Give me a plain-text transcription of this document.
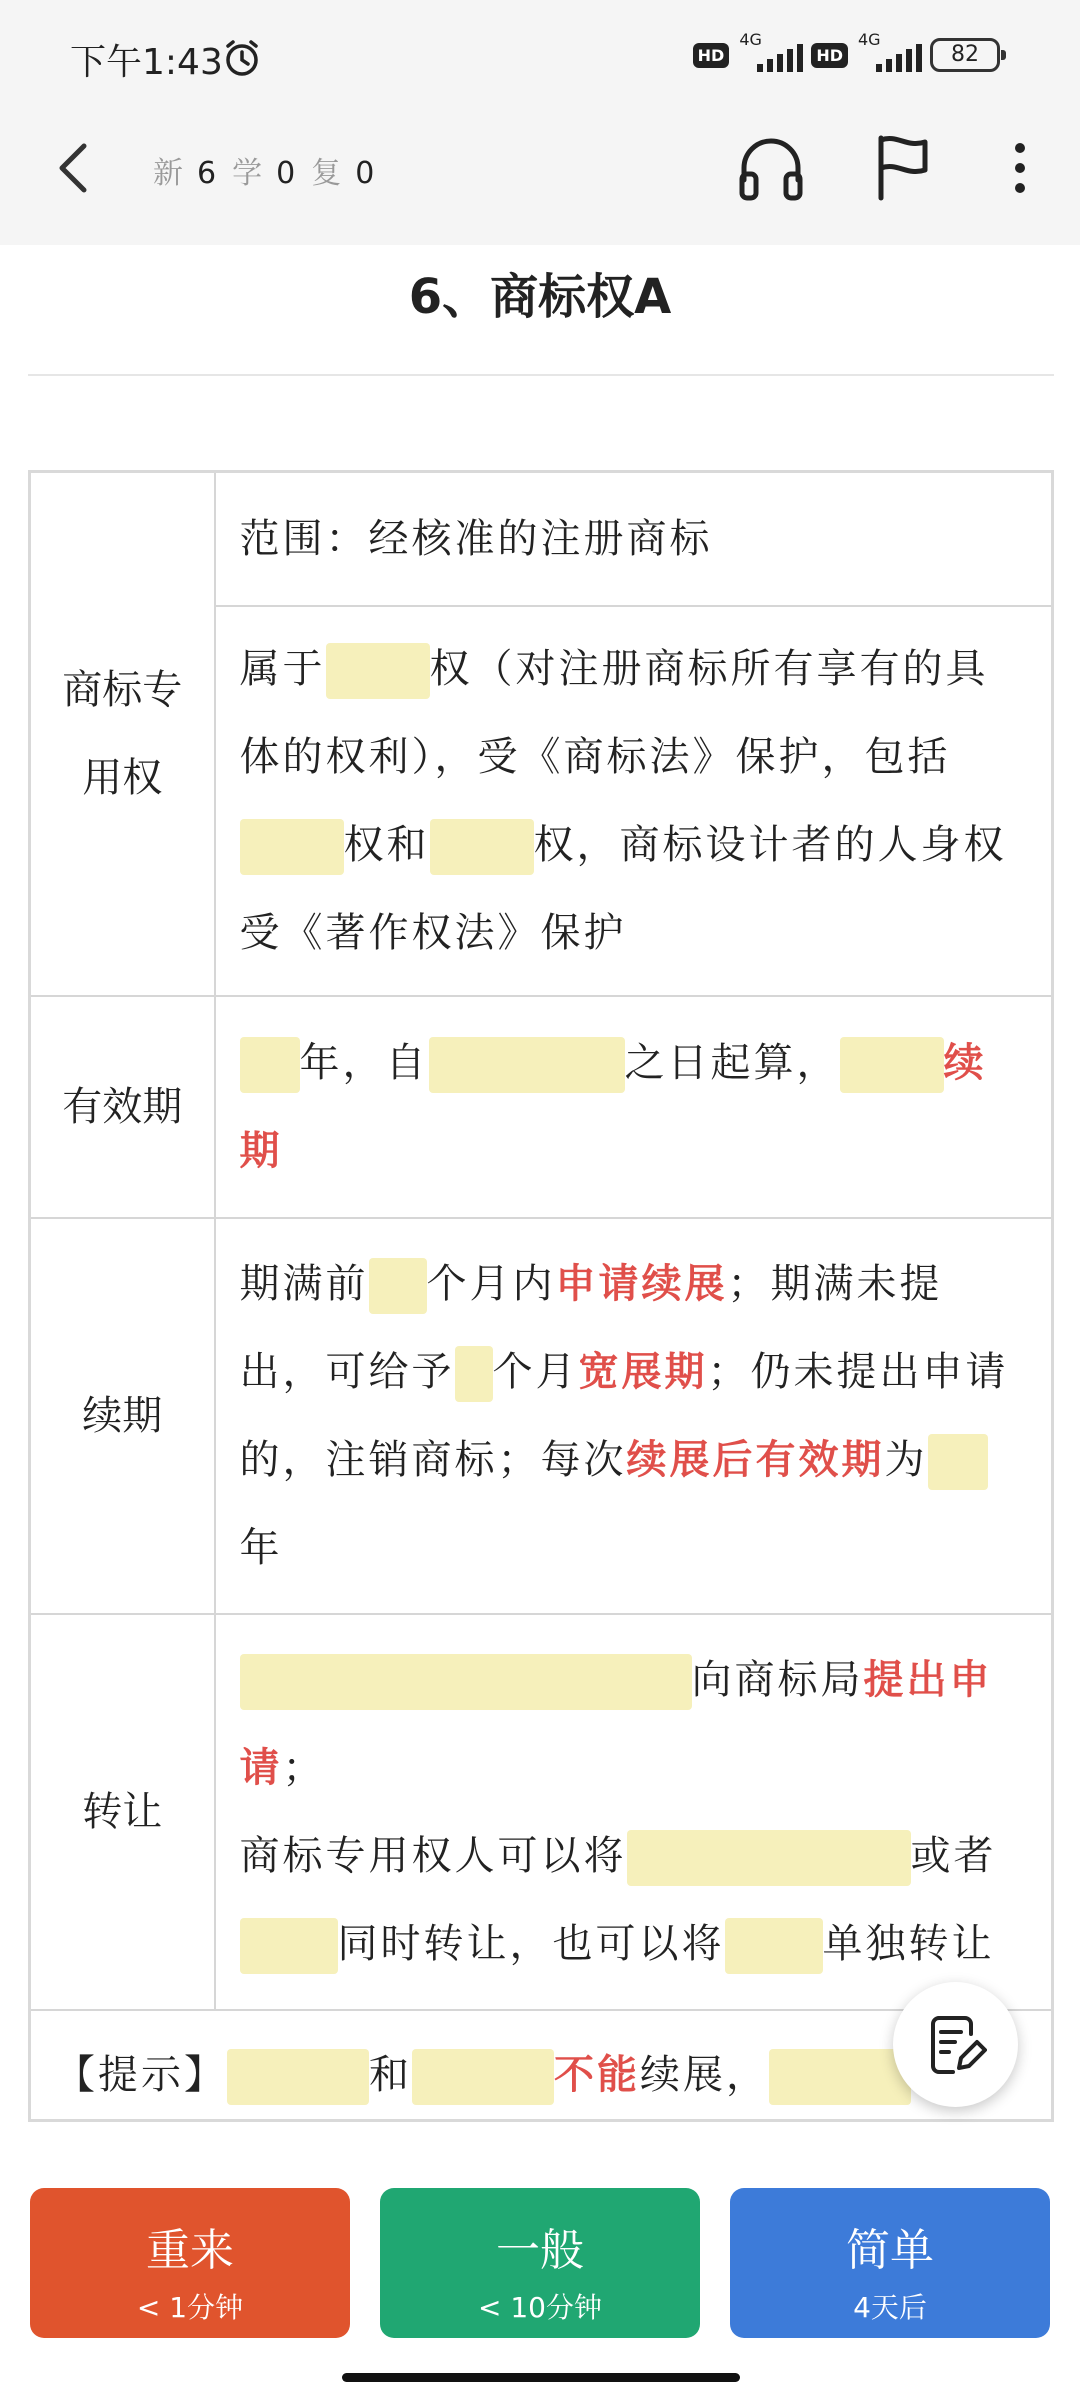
下午1:43	HD
4G
HD
4G
82
新 6 学 0 复 0
6、商标权A
商标专
用权	范围：经核准的注册商标
	属于 权（对注册商标所有享有的具体的权利），受《商标法》保护，包括权和 权，商标设计者的人身权受《著作权法》保护
有效期	年，自 之日起算， 续期
续期	期满前 个月内申请续展；期满未提出，可给予 个月宽展期；仍未提出申请的，注销商标；每次续展后有效期为年
转让	向商标局提出申请；
商标专用权人可以将 或者同时转让，也可以将 单独转让
【提示】 和 不能续展，	
重来
< 1分钟
一般
< 10分钟
简单
4天后
